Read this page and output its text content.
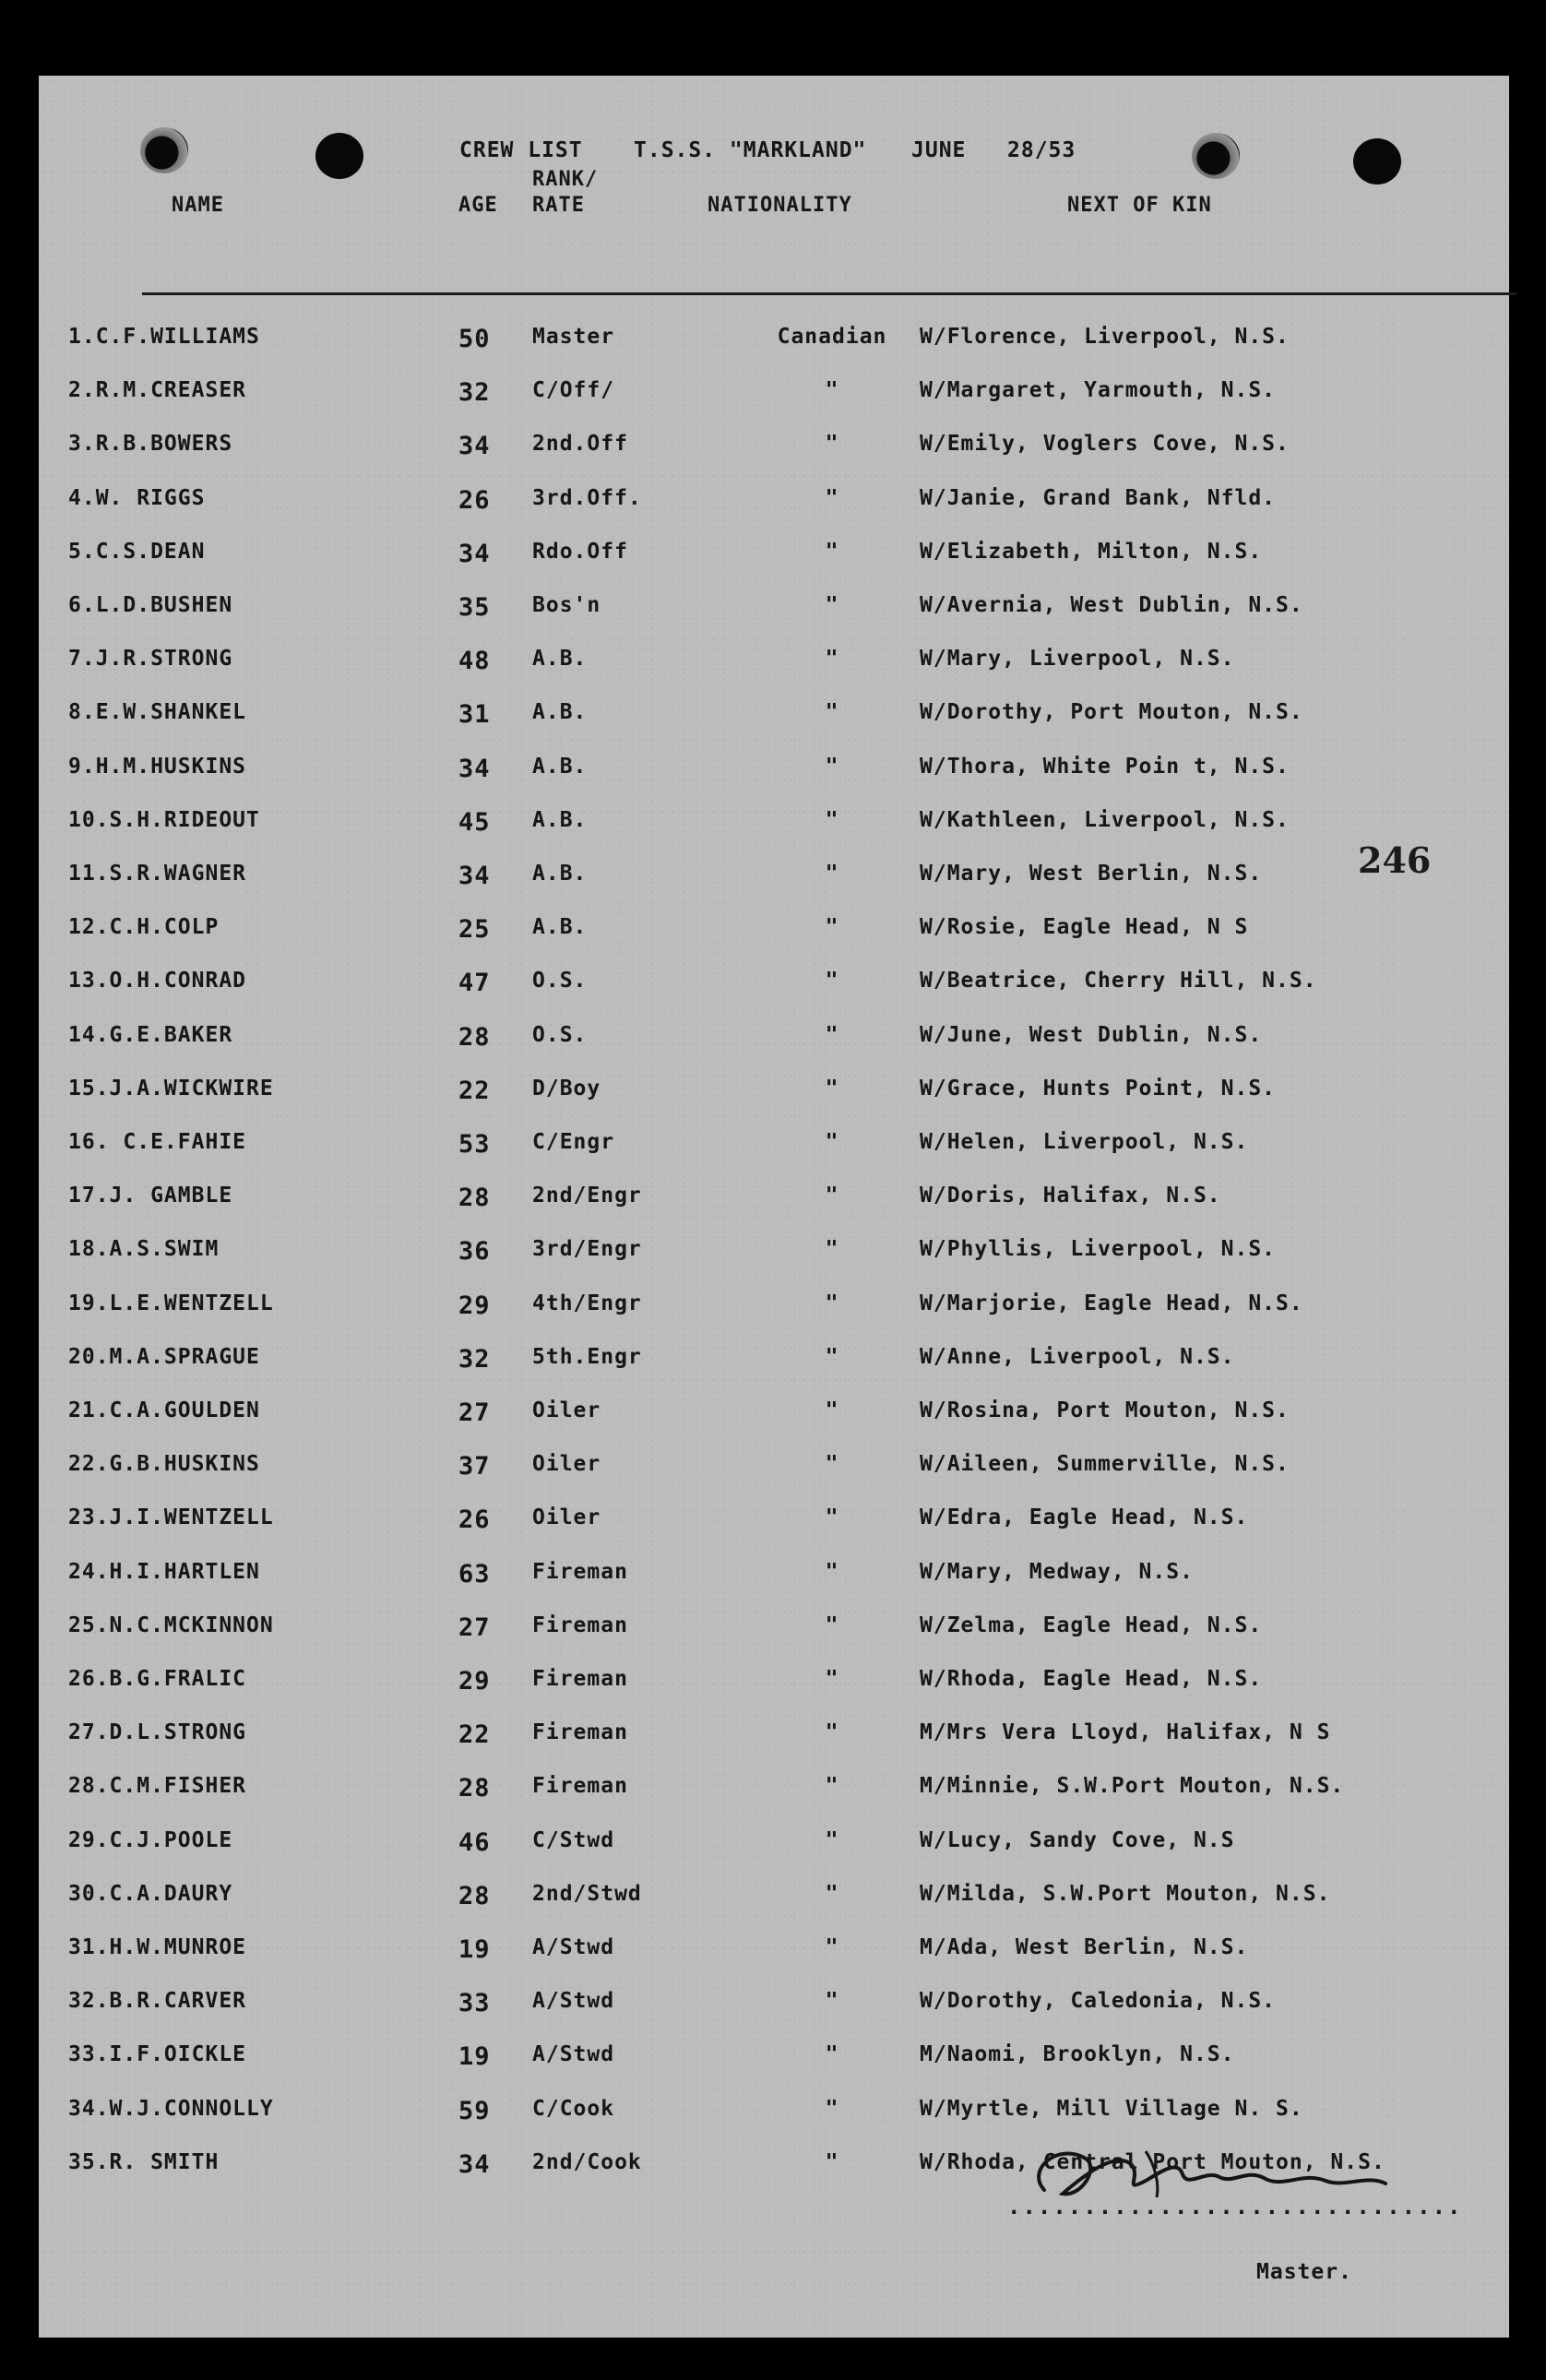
CREW LIST T.S.S. "MARKLAND" JUNE 28/53
RANK/
NAME	AGE RATE	NATIONALITY	NEXT OF KIN
1.C.F.WILLIAMS	50 Master	Canadian W/Florence, Liverpool, N.S.
2.R.M.CREASER	32 C/Off/	"	W/Margaret, Yarmouth, N.S.
3.R.B.BOWERS	34 2nd.Off	"	W/Emily, Voglers Cove, N.S.
4.W. RIGGS	26 3rd.Off.	"	W/Janie, Grand Bank, Nfld.
5.C.S.DEAN	34 Rdo.Off	"	W/Elizabeth, Milton, N.S.
6.L.D.BUSHEN	35 Bos'n	"	W/Avernia, West Dublin, N.S.
7.J.R.STRONG	48 A.B.	"	W/Mary, Liverpool, N.S.
8.E.W.SHANKEL	31 A.B.	"	W/Dorothy, Port Mouton, N.S.
9.H.M.HUSKINS	34 A.B.	"	W/Thora, White Poin t, N.S.
10.S.H.RIDEOUT	45 A.B.	"	W/Kathleen, Liverpool, N.S.
11.S.R.WAGNER	34 A.B.	"	W/Mary, West Berlin, N.S.
12.C.H.COLP	25 A.B.	"	W/Rosie, Eagle Head, N S
13.O.H.CONRAD	47 O.S.	"	W/Beatrice, Cherry Hill, N.S.
14.G.E.BAKER	28 O.S.	"	W/June, West Dublin, N.S.
15.J.A.WICKWIRE	22 D/Boy	"	W/Grace, Hunts Point, N.S.
16. C.E.FAHIE	53 C/Engr	"	W/Helen, Liverpool, N.S.
17.J. GAMBLE	28 2nd/Engr	"	W/Doris, Halifax, N.S.
18.A.S.SWIM	36 3rd/Engr	"	W/Phyllis, Liverpool, N.S.
19.L.E.WENTZELL	29 4th/Engr	"	W/Marjorie, Eagle Head, N.S.
20.M.A.SPRAGUE	32 5th.Engr	"	W/Anne, Liverpool, N.S.
21.C.A.GOULDEN	27 Oiler	"	W/Rosina, Port Mouton, N.S.
22.G.B.HUSKINS	37 Oiler	"	W/Aileen, Summerville, N.S.
23.J.I.WENTZELL	26 Oiler	"	W/Edra, Eagle Head, N.S.
24.H.I.HARTLEN	63 Fireman	"	W/Mary, Medway, N.S.
25.N.C.MCKINNON	27 Fireman	"	W/Zelma, Eagle Head, N.S.
26.B.G.FRALIC	29 Fireman	"	W/Rhoda, Eagle Head, N.S.
27.D.L.STRONG	22 Fireman	"	M/Mrs Vera Lloyd, Halifax, N S
28.C.M.FISHER	28 Fireman	"	M/Minnie, S.W.Port Mouton, N.S.
29.C.J.POOLE	46 C/Stwd	"	W/Lucy, Sandy Cove, N.S
30.C.A.DAURY	28 2nd/Stwd	"	W/Milda, S.W.Port Mouton, N.S.
31.H.W.MUNROE	19 A/Stwd	"	M/Ada, West Berlin, N.S.
32.B.R.CARVER	33 A/Stwd	"	W/Dorothy, Caledonia, N.S.
33.I.F.OICKLE	19 A/Stwd	"	M/Naomi, Brooklyn, N.S.
34.W.J.CONNOLLY	59 C/Cook	"	W/Myrtle, Mill Village N. S.
35.R. SMITH	34 2nd/Cook	"	W/Rhoda, Central Port Mouton, N.S.
246
..............................
Master.
